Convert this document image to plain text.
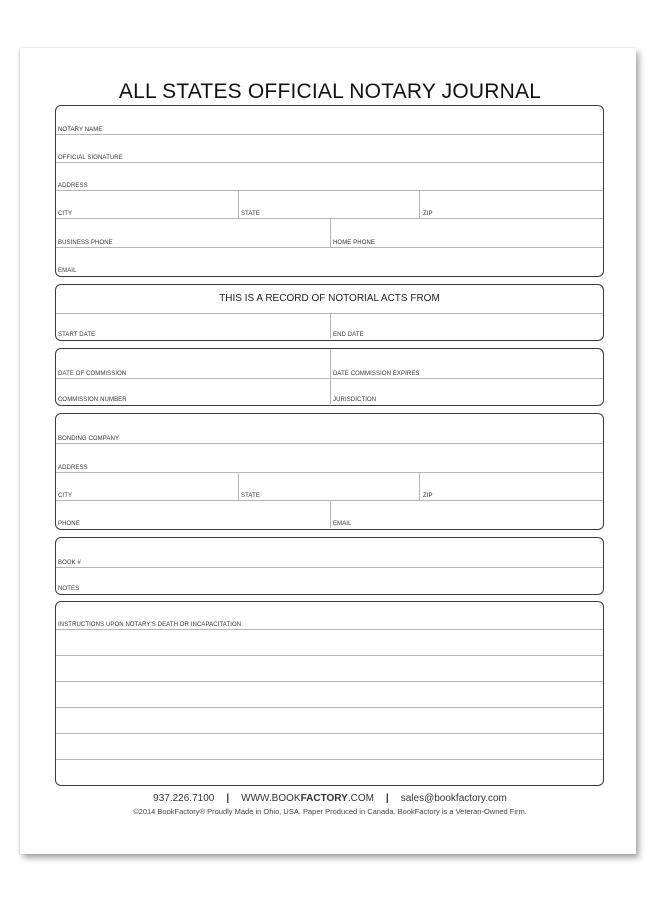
ALL STATES OFFICIAL NOTARY JOURNAL
NOTARY NAME
OFFICIAL SIGNATURE
ADDRESS
CITY	STATE	ZIP
BUSINESS PHONE	HOME PHONE
EMAIL
THIS IS A RECORD OF NOTORIAL ACTS FROM
START DATE	END DATE
DATE OF COMMISSION	DATE COMMISSION EXPIRES
COMMISSION NUMBER	JURISDICTION
BONDING COMPANY
ADDRESS
CITY	STATE	ZIP
PHONE	EMAIL
BOOK #
NOTES
INSTRUCTIONS UPON NOTARY'S DEATH OR INCAPACITATION
937.226.7100 | WWW.BOOKFACTORY.COM | sales@bookfactory.com
©2014 BookFactory® Proudly Made in Ohio, USA. Paper Produced in Canada. BookFactory is a Veteran-Owned Firm.
